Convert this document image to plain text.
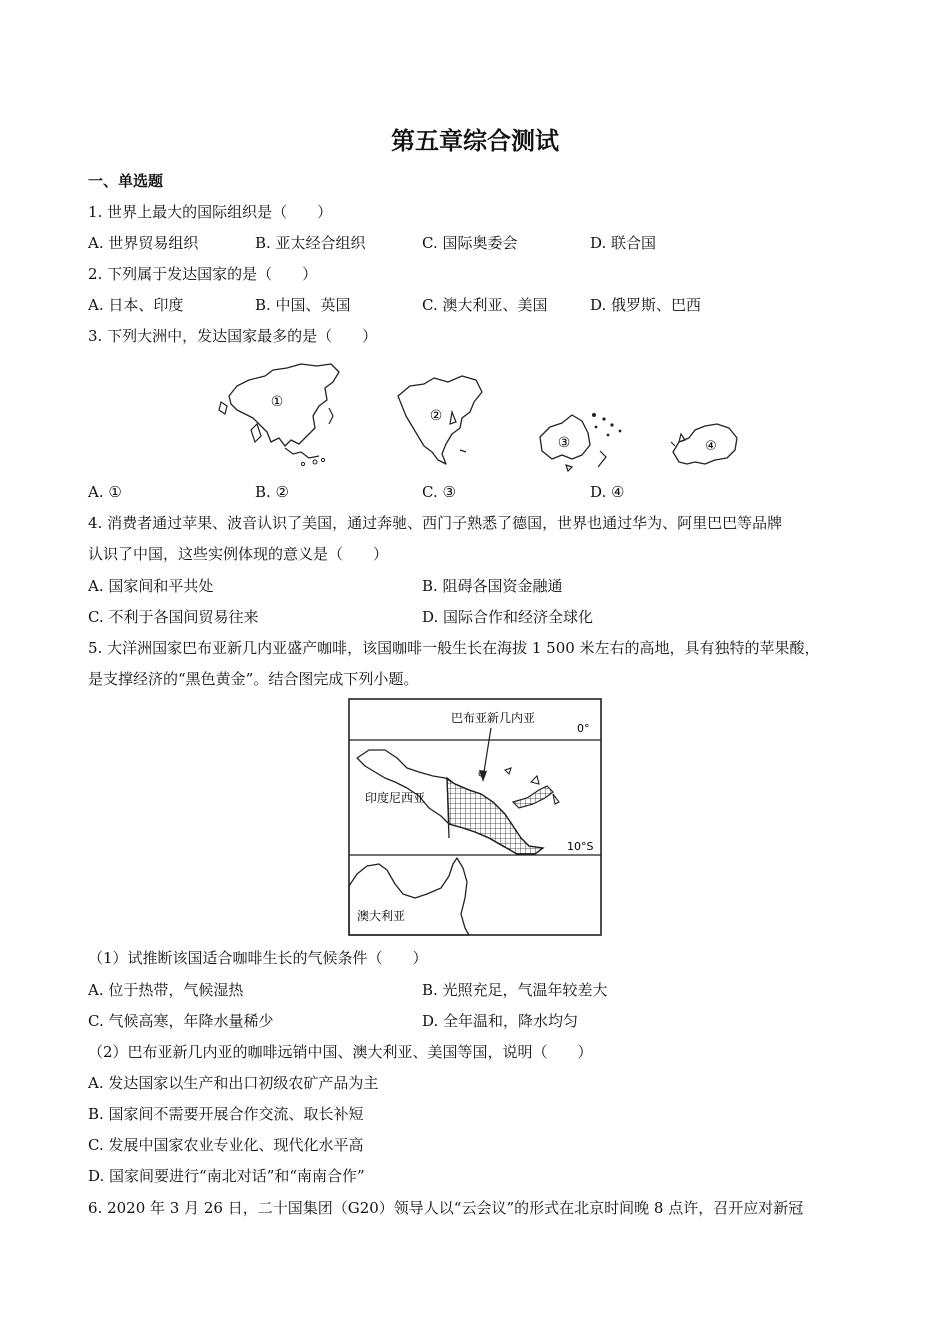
第五章综合测试
一、单选题
1. 世界上最大的国际组织是（　　）
A. 世界贸易组织	B. 亚太经合组织	C. 国际奥委会	D. 联合国
2. 下列属于发达国家的是（　　）
A. 日本、印度	B. 中国、英国	C. 澳大利亚、美国	D. 俄罗斯、巴西
3. 下列大洲中，发达国家最多的是（　　）
①
②
③	④
A. ①	B. ②	C. ③	D. ④
4. 消费者通过苹果、波音认识了美国，通过奔驰、西门子熟悉了德国，世界也通过华为、阿里巴巴等品牌
认识了中国，这些实例体现的意义是（　　）
A. 国家间和平共处	B. 阻碍各国资金融通
C. 不利于各国间贸易往来	D. 国际合作和经济全球化
5. 大洋洲国家巴布亚新几内亚盛产咖啡，该国咖啡一般生长在海拔 1 500 米左右的高地，具有独特的苹果酸，
是支撑经济的“黑色黄金”。结合图完成下列小题。
巴布亚新几内亚
0°
印度尼西亚
10°S
澳大利亚
（1）试推断该国适合咖啡生长的气候条件（　　）
A. 位于热带，气候湿热	B. 光照充足，气温年较差大
C. 气候高寒，年降水量稀少	D. 全年温和，降水均匀
（2）巴布亚新几内亚的咖啡远销中国、澳大利亚、美国等国，说明（　　）
A. 发达国家以生产和出口初级农矿产品为主
B. 国家间不需要开展合作交流、取长补短
C. 发展中国家农业专业化、现代化水平高
D. 国家间要进行“南北对话”和“南南合作”
6. 2020 年 3 月 26 日，二十国集团（G20）领导人以“云会议”的形式在北京时间晚 8 点许，召开应对新冠
